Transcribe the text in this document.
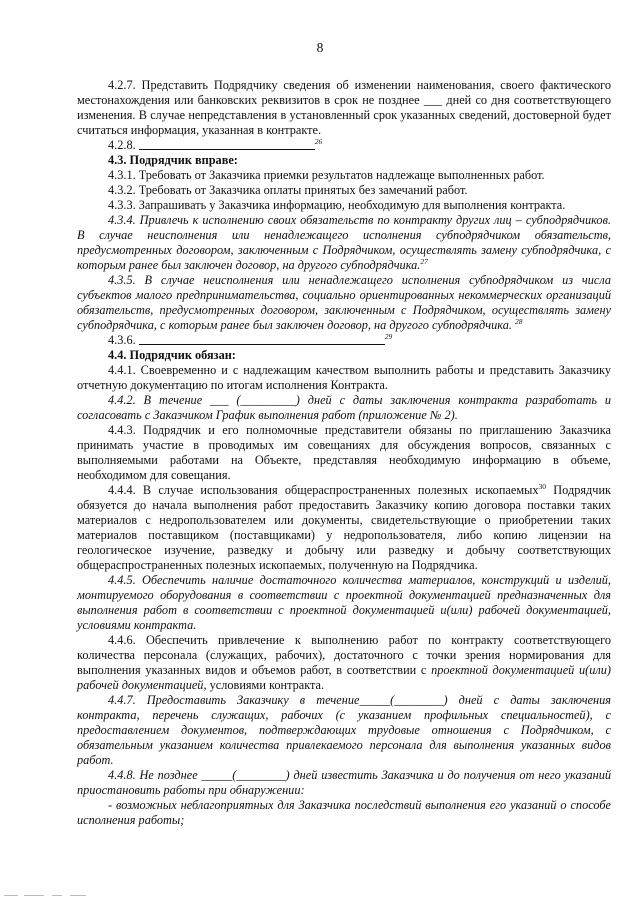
8

4.2.7. Представить Подрядчику сведения об изменении наименования, своего фактического местонахождения или банковских реквизитов в срок не позднее ___ дней со дня соответствующего изменения. В случае непредставления в установленный срок указанных сведений, достоверной будет считаться информация, указанная в контракте.

4.2.8.	$^{26}$

4.3. Подрядчик вправе:

4.3.1. Требовать от Заказчика приемки результатов надлежаще выполненных работ.

4.3.2. Требовать от Заказчика оплаты принятых без замечаний работ.

4.3.3. Запрашивать у Заказчика информацию, необходимую для выполнения контракта.

4.3.4. Привлечь к исполнению своих обязательств по контракту других лиц – субподрядчиков. В случае неисполнения или ненадлежащего исполнения субподрядчиком обязательств, предусмотренных договором, заключенным с Подрядчиком, осуществлять замену субподрядчика, с которым ранее был заключен договор, на другого субподрядчика.$^{27}$

4.3.5. В случае неисполнения или ненадлежащего исполнения субподрядчиком из числа субъектов малого предпринимательства, социально ориентированных некоммерческих организаций обязательств, предусмотренных договором, заключенным с Подрядчиком, осуществлять замену субподрядчика, с которым ранее был заключен договор, на другого субподрядчика. $^{28}$

4.3.6.	$^{29}$

4.4. Подрядчик обязан:

4.4.1. Своевременно и с надлежащим качеством выполнить работы и представить Заказчику отчетную документацию по итогам исполнения Контракта.

4.4.2. В течение ___ (_________) дней с даты заключения контракта разработать и согласовать с Заказчиком График выполнения работ (приложение № 2).

4.4.3. Подрядчик и его полномочные представители обязаны по приглашению Заказчика принимать участие в проводимых им совещаниях для обсуждения вопросов, связанных с выполняемыми работами на Объекте, представляя необходимую информацию в объеме, необходимом для совещания.

4.4.4. В случае использования общераспространенных полезных ископаемых$^{30}$ Подрядчик обязуется до начала выполнения работ предоставить Заказчику копию договора поставки таких материалов с недропользователем или документы, свидетельствующие о приобретении таких материалов поставщиком (поставщиками) у недропользователя, либо копию лицензии на геологическое изучение, разведку и добычу или разведку и добычу соответствующих общераспространенных полезных ископаемых, полученную на Подрядчика.

4.4.5. Обеспечить наличие достаточного количества материалов, конструкций и изделий, монтируемого оборудования в соответствии с проектной документацией предназначенных для выполнения работ в соответствии с проектной документацией и(или) рабочей документацией, условиями контракта.

4.4.6. Обеспечить привлечение к выполнению работ по контракту соответствующего количества персонала (служащих, рабочих), достаточного с точки зрения нормирования для выполнения указанных видов и объемов работ, в соответствии с проектной документацией и(или) рабочей документацией, условиями контракта.

4.4.7. Предоставить Заказчику в течение_____(________) дней с даты заключения контракта, перечень служащих, рабочих (с указанием профильных специальностей), с предоставлением документов, подтверждающих трудовые отношения с Подрядчиком, с обязательным указанием количества привлекаемого персонала для выполнения указанных видов работ.

4.4.8. Не позднее _____(________) дней известить Заказчика и до получения от него указаний приостановить работы при обнаружении:

- возможных неблагоприятных для Заказчика последствий выполнения его указаний о способе исполнения работы;
